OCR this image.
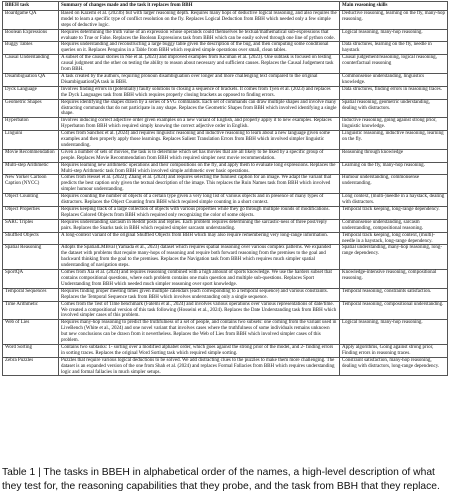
BBEH task	Summary of changes made and the task it replaces from BBH	Main reasoning skills
Boardgame QA	Based on Kazemi et al. (2023b) but with larger reasoning depth. Requires many hops of deductive logical reasoning, and also requires the model to learn a specific type of conflict resolution on the fly. Replaces Logical Deduction from BBH which needed only a few simple steps of deductive logic.	Deductive reasoning, learning on the fly, many-hop reasoning.
Boolean Expressions	Requires determining the truth value of an expression whose operands could themselves be textual/mathematical sub-expressions that evaluate to True or False. Replaces the Boolean Expressions task from BBH which can be easily solved through one line of python code.	Logical reasoning, many-hop reasoning.
Buggy Tables	Requires understanding and reconstructing a large buggy table given the description of the bug, and then computing some conditional queries on it. Replaces Penguins in a Table from BBH which required simple operations over small, clean tables.	Data structures, learning on the fly, needle in haystack
Causal Understanding	A subset of the causal stories in Nie et al. (2023) and improved examples from Kıcıman et al. (2023). One subtask is focused on testing causal judgment and the other on testing the ability to reason about necessary and sufficient causes. Replaces the Causal Judgement task from BBH.	Causal judgement/reasoning, logical reasoning, counterfactual reasoning
Disambiguation QA	A task created by the authors, requiring pronoun disambiguation over longer and more challenging text compared to the original DisambiguationQA task in BBH.	Commonsense understanding, linguistics knowledge.
Dyck Language	Involves finding errors in (potentially) faulty solutions to closing a sequence of brackets. It comes from Tyen et al. (2023) and replaces the Dyck Languages task from BBH which requires properly closing brackets as opposed to finding errors.	Data structures, finding errors in reasoning traces.
Geometric Shapes	Requires identifying the shapes drawn by a series of SVG commands. Each set of commands can draw multiple shapes and involve many distracting commands that do not participate in any shape. Replaces the Geometric Shapes from BBH which involved identifying a single shape.	Spatial reasoning, geometric understanding, dealing with distractors.
Hyperbaton	Involves inducing correct adjective order given examples on a new variant of English, and properly apply it to new examples. Replaces Hyperbaton from BBH which required simply knowing the correct adjective order in English.	Inductive reasoning, going against strong prior, linguistic knowledge.
Linguini	Comes from Sánchez et al. (2024) and requires linguistic reasoning and inductive reasoning to learn about a new language given some examples and then properly apply those learnings. Replaces Salient Translation Errors from BBH which involved simpler linguistic understanding.	Linguistic reasoning, inductive reasoning, learning on the fly.
Movie Recommendation	Given a number of sets of movies, the task is to determine which set has movies that are all likely to be liked by a specific group of people. Replaces Movie Recommendation from BBH which required simpler next movie recommendation.	Reasoning through knowledge
Multi-step Arithmetic	Requires learning new arithmetic operations and their compositions on the fly, and apply them to evaluate long expressions. Replaces the Multi-step Arithmetic task from BBH which involved simple arithmetic over basic operations.	Learning on the fly, many-hop reasoning.
New Yorker Cartoon Caption (NYCC)	Comes from Hessel et al. (2022); Zhang et al. (2024) and requires selecting the funniest caption for an image. We adapt the variant that predicts the best caption only given the textual description of the image. This replaces the Ruin Names task from BBH which involved simpler humour understanding.	Humour understanding, commonsense understanding.
Object Counting	Requires counting the number of objects of a certain type given a very long list of various objects and in presence of many types of distractors. Replaces the Object Counting from BBH which required simple counting in a short context.	Long context, (multi-)needle in a haystack, dealing with distractors.
Object Properties	Requires keeping track of a large collection of objects with various properties while they go through multiple rounds of modifications. Replaces Colored Objects from BBH which required only recognizing the color of some objects.	Temporal track keeping, long-range dependency.
SARC Triples	Requires understanding sarcasm in Reddit posts and replies. Each problem requires determining the sarcastic-ness of three post/reply pairs. Replaces the Snarks task in BBH which required simpler sarcasm understanding.	Commonsense understanding, sarcasm understanding, compositional reasoning.
Shuffled Objects	A long-context variant of the original Shuffled Objects from BBH which may also require remembering very long-range information.	Temporal track keeping, long context, (multi)-needle in a haystack, long-range dependency.
Spatial Reasoning	Adopts the SpatialLMBval (Yamada et al., 2023) dataset which requires spatial reasoning over various complex patterns. We expanded the dataset with problems that require many-hops of reasoning and require both forward reasoning from the premises to the goal and backward thinking from the goal to the premises. Replaces the Navigation task from BBH which requires much simpler spatial understanding of navigation steps.	Spatial understanding, many-hop reasoning, long-range dependency.
SportQA	Comes from Xia et al. (2024) and requires reasoning combined with a high amount of sports knowledge. We use the harders subset that contains compositional questions, where each problem contains one main question and multiple sub-questions. Replaces Sport Understanding from BBH which needed much simpler reasoning over sport knowledge.	Knowledge-intensive reasoning, compositional reasoning.
Temporal Sequences	Requires finding proper meeting times given multiple calendars (each corresponding to a temporal sequence) and various constraints. Replaces the Temporal Sequence task from BBH which involves understanding only a single sequence.	Temporal reasoning, constraints satisfaction.
Time Arithmetic	Comes from the Test of Time benchmark (Fatemi et al., 2024) and involves various operations over various representations of date/time. We created a compositional version of this task following (Hosseini et al., 2024). Replaces the Date Understanding task from BBH which involved simpler cases of this problem.	Temporal reasoning, compositional understanding.
Web of Lies	Requires many-hop reasoning to predict the truthfulness of a set of people, and contains two subsets: one coming from the variant used in LiveBench (White et al., 2024) and one novel variant that involves cases where the truthfulness of some individuals remains unknown but new conclusions can be drawn from it nevertheless. Replaces the Web of Lies from BBH which involved simpler cases of this problem.	Logical reasoning, many-hop reasoning.
Word Sorting	Contains two subtasks: 1- sorting over a modified alphabet order, which goes against the strong prior of the model, and 2- finding errors in sorting traces. Replaces the original Word Sorting task which required simple sorting.	Apply algorithms, Going against strong prior, Finding errors in reasoning traces.
Zebra Puzzles	Puzzles that require various logical deductions to be solved. We add distracting clues to the puzzles to make them more challenging. The dataset is an expanded version of the one from Shah et al. (2024) and replaces Formal Fallacies from BBH which requires understanding logic and formal fallacies in much simpler setups.	Constraint satisfaction, many-hop reasoning, dealing with distractors, long-range dependency.
Table 1 | The tasks in BBEH in alphabetical order of the names, a high-level description of what they test for, the reasoning capabilities that they probe, and the task from BBH that they replace.
